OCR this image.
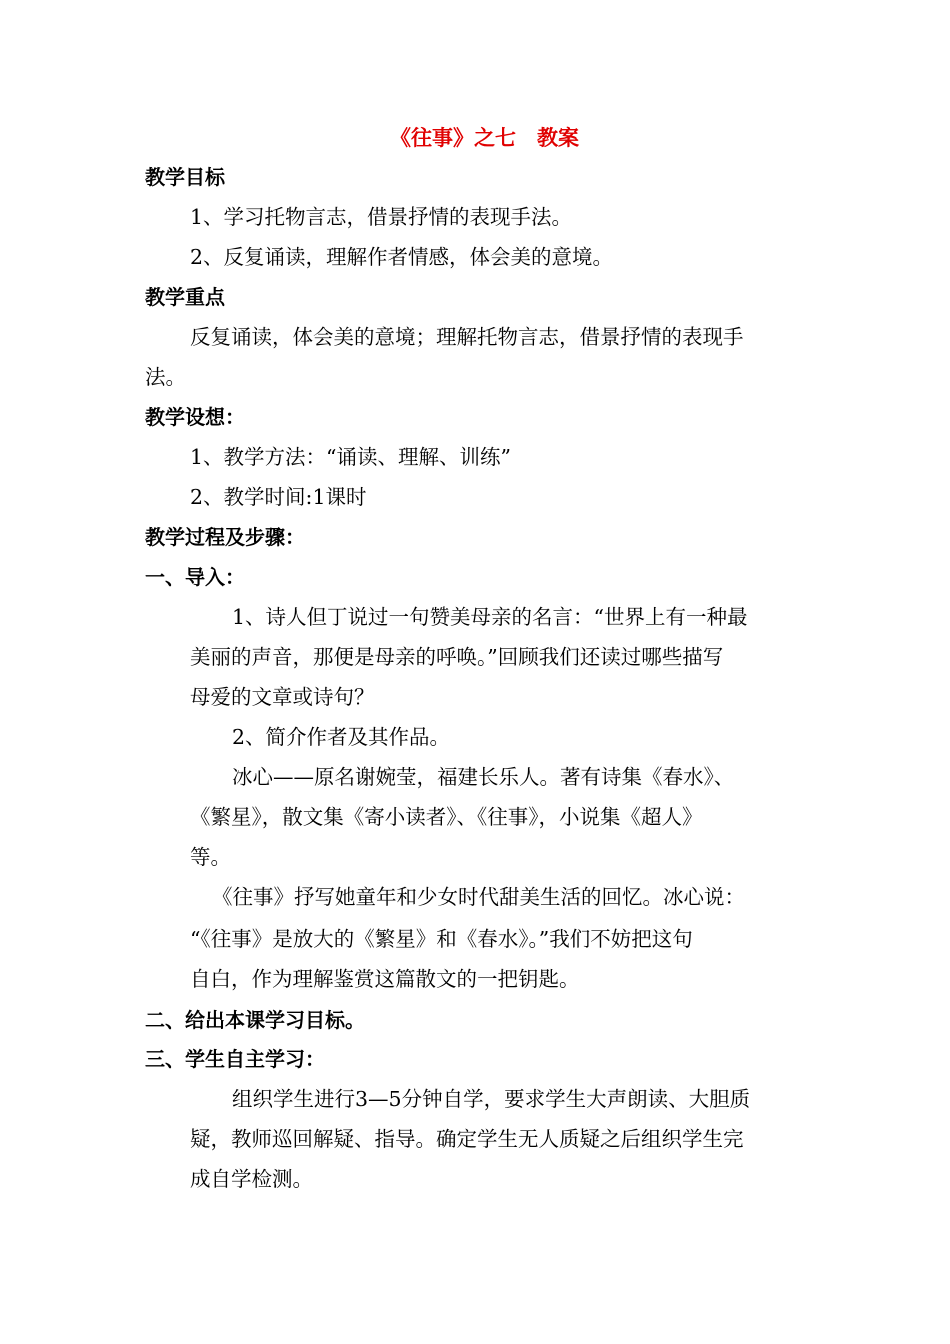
《往事》之七　教案
教学目标
1、学习托物言志，借景抒情的表现手法。
2、反复诵读，理解作者情感，体会美的意境。
教学重点
反复诵读，体会美的意境；理解托物言志，借景抒情的表现手
法。
教学设想：
1、教学方法：“诵读、理解、训练”
2、教学时间:1课时
教学过程及步骤：
一、导入：
1、诗人但丁说过一句赞美母亲的名言：“世界上有一种最
美丽的声音，那便是母亲的呼唤。”回顾我们还读过哪些描写
母爱的文章或诗句？
2、简介作者及其作品。
冰心——原名谢婉莹，福建长乐人。著有诗集《春水》、
《繁星》，散文集《寄小读者》、《往事》，小说集《超人》
等。
《往事》抒写她童年和少女时代甜美生活的回忆。冰心说：
“《往事》是放大的《繁星》和《春水》。”我们不妨把这句
自白，作为理解鉴赏这篇散文的一把钥匙。
二、给出本课学习目标。
三、学生自主学习：
组织学生进行3—5分钟自学，要求学生大声朗读、大胆质
疑，教师巡回解疑、指导。确定学生无人质疑之后组织学生完
成自学检测。
